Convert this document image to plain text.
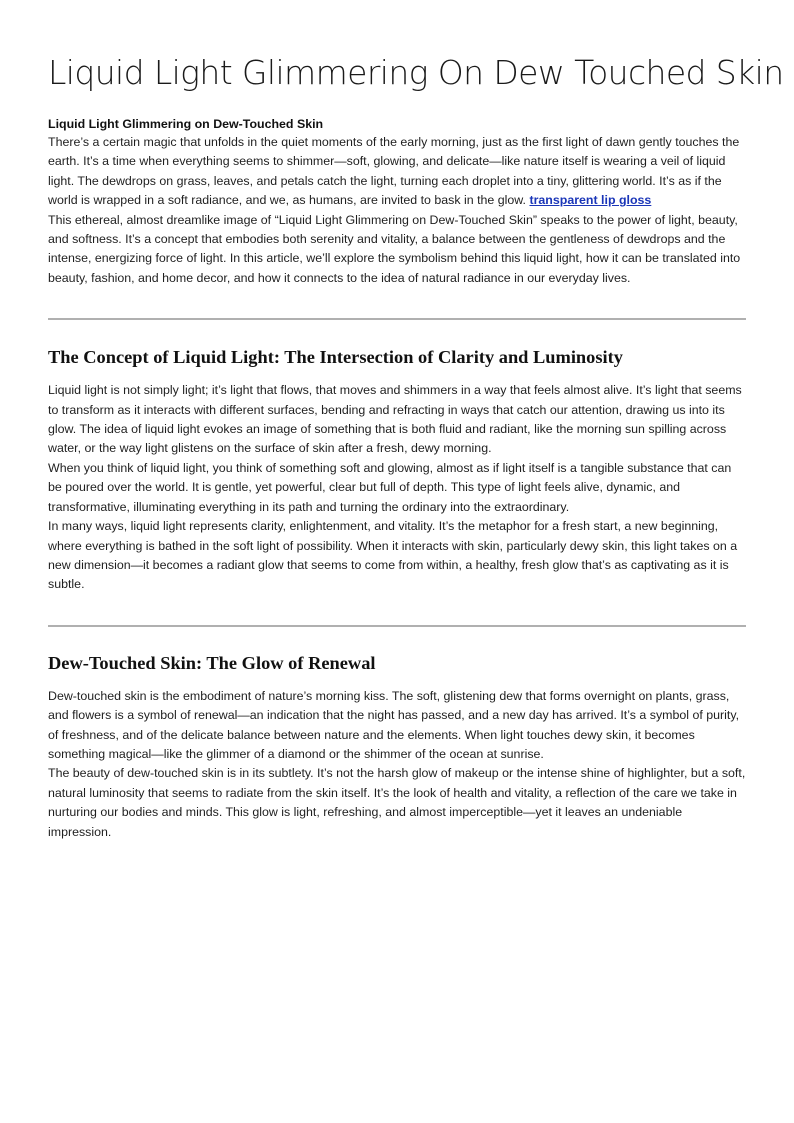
Liquid Light Glimmering On Dew Touched Skin
Liquid Light Glimmering on Dew-Touched Skin

There’s a certain magic that unfolds in the quiet moments of the early morning, just as the first light of dawn gently touches the earth. It’s a time when everything seems to shimmer—soft, glowing, and delicate—like nature itself is wearing a veil of liquid light. The dewdrops on grass, leaves, and petals catch the light, turning each droplet into a tiny, glittering world. It’s as if the world is wrapped in a soft radiance, and we, as humans, are invited to bask in the glow. transparent lip gloss

This ethereal, almost dreamlike image of “Liquid Light Glimmering on Dew-Touched Skin” speaks to the power of light, beauty, and softness. It’s a concept that embodies both serenity and vitality, a balance between the gentleness of dewdrops and the intense, energizing force of light. In this article, we’ll explore the symbolism behind this liquid light, how it can be translated into beauty, fashion, and home decor, and how it connects to the idea of natural radiance in our everyday lives.

The Concept of Liquid Light: The Intersection of Clarity and Luminosity

Liquid light is not simply light; it’s light that flows, that moves and shimmers in a way that feels almost alive. It’s light that seems to transform as it interacts with different surfaces, bending and refracting in ways that catch our attention, drawing us into its glow. The idea of liquid light evokes an image of something that is both fluid and radiant, like the morning sun spilling across water, or the way light glistens on the surface of skin after a fresh, dewy morning.

When you think of liquid light, you think of something soft and glowing, almost as if light itself is a tangible substance that can be poured over the world. It is gentle, yet powerful, clear but full of depth. This type of light feels alive, dynamic, and transformative, illuminating everything in its path and turning the ordinary into the extraordinary.

In many ways, liquid light represents clarity, enlightenment, and vitality. It’s the metaphor for a fresh start, a new beginning, where everything is bathed in the soft light of possibility. When it interacts with skin, particularly dewy skin, this light takes on a new dimension—it becomes a radiant glow that seems to come from within, a healthy, fresh glow that’s as captivating as it is subtle.

Dew-Touched Skin: The Glow of Renewal

Dew-touched skin is the embodiment of nature’s morning kiss. The soft, glistening dew that forms overnight on plants, grass, and flowers is a symbol of renewal—an indication that the night has passed, and a new day has arrived. It’s a symbol of purity, of freshness, and of the delicate balance between nature and the elements. When light touches dewy skin, it becomes something magical—like the glimmer of a diamond or the shimmer of the ocean at sunrise.

The beauty of dew-touched skin is in its subtlety. It’s not the harsh glow of makeup or the intense shine of highlighter, but a soft, natural luminosity that seems to radiate from the skin itself. It’s the look of health and vitality, a reflection of the care we take in nurturing our bodies and minds. This glow is light, refreshing, and almost imperceptible—yet it leaves an undeniable impression.
